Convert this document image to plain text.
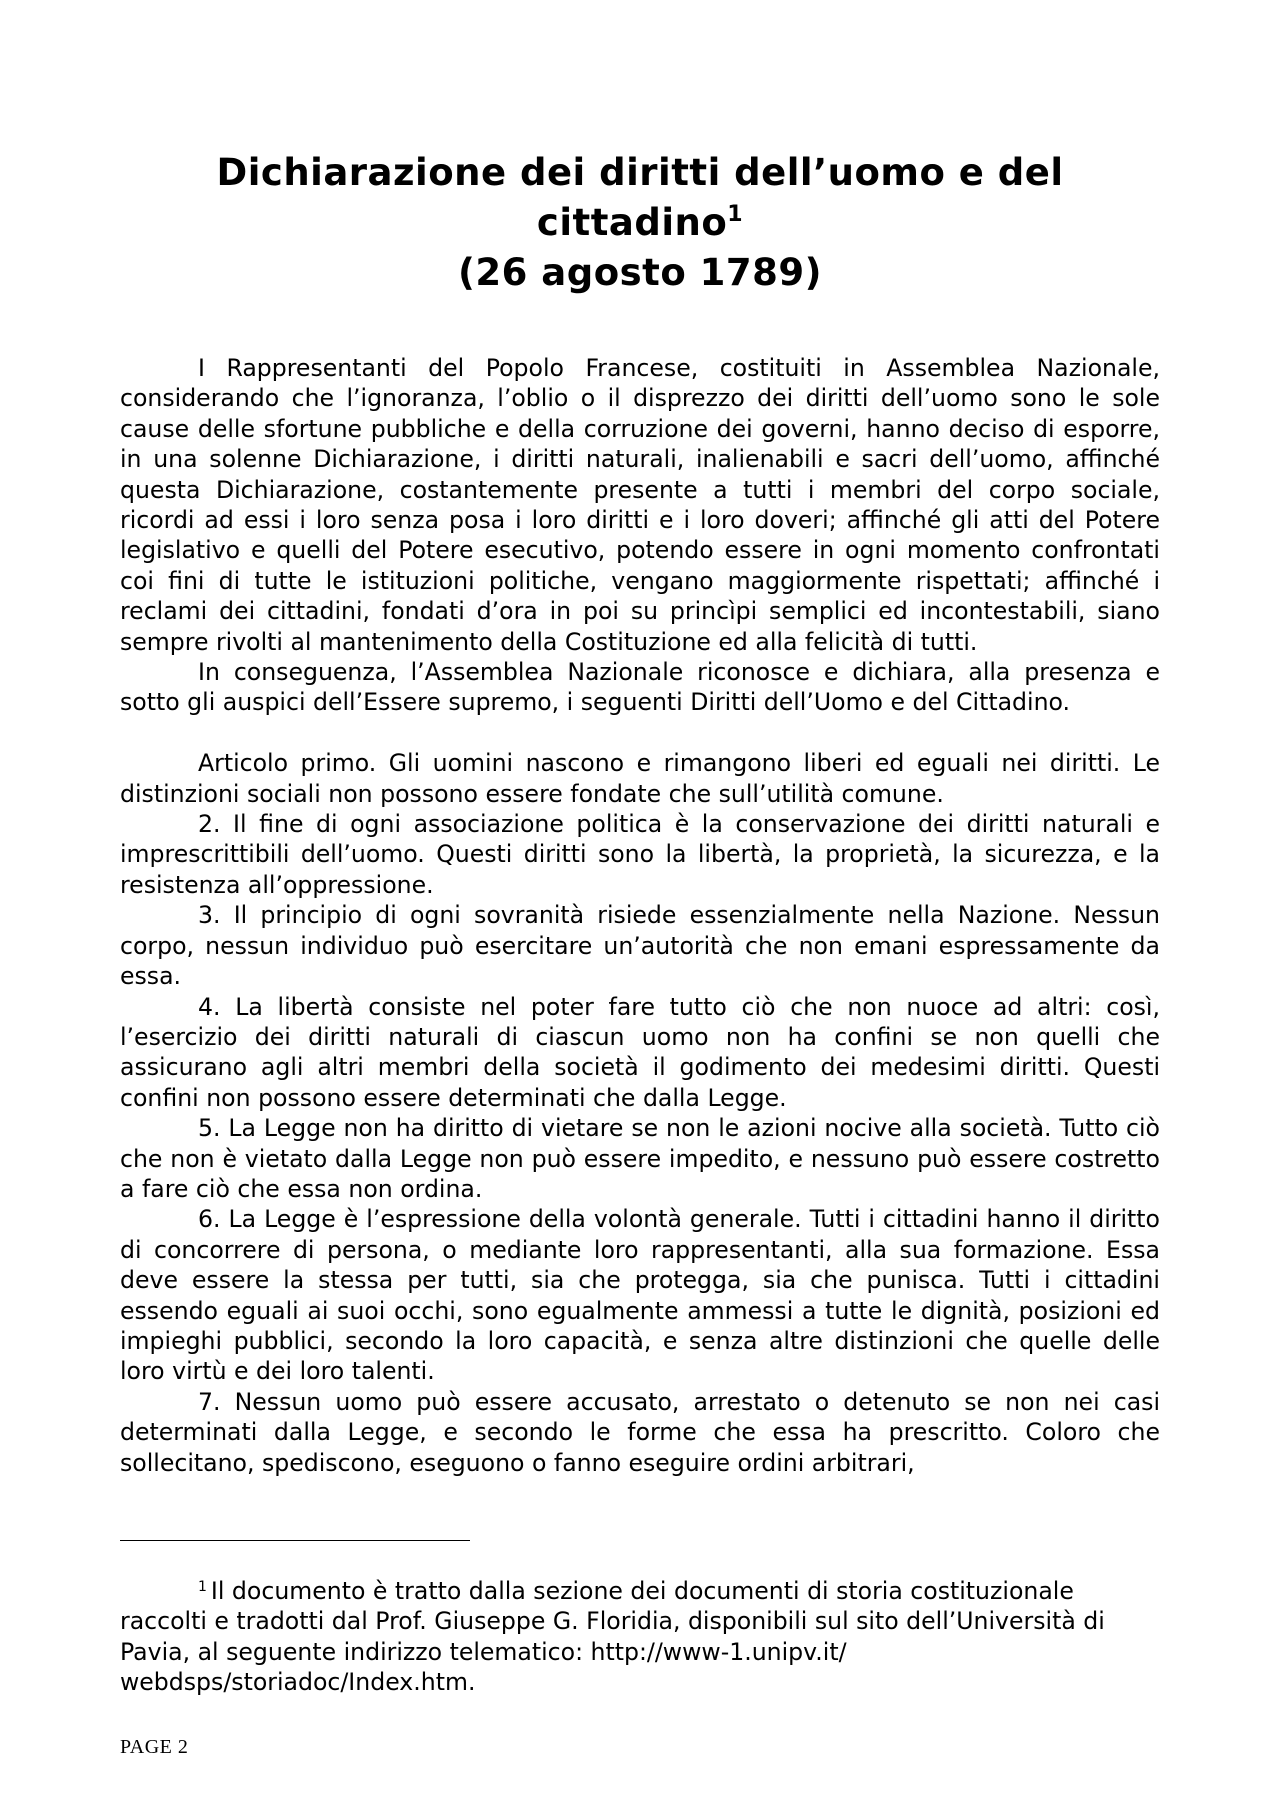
Dichiarazione dei diritti dell’uomo e del
cittadino$^1$
(26 agosto 1789)

I Rappresentanti del Popolo Francese, costituiti in Assemblea Nazionale, considerando che l’ignoranza, l’oblio o il disprezzo dei diritti dell’uomo sono le sole cause delle sfortune pubbliche e della corruzione dei governi, hanno deciso di esporre, in una solenne Dichiarazione, i diritti naturali, inalienabili e sacri dell’uomo, affinché questa Dichiarazione, costantemente presente a tutti i membri del corpo sociale, ricordi ad essi i loro senza posa i loro diritti e i loro doveri; affinché gli atti del Potere legislativo e quelli del Potere esecutivo, potendo essere in ogni momento confrontati coi fini di tutte le istituzioni politiche, vengano maggiormente rispettati; affinché i reclami dei cittadini, fondati d’ora in poi su princìpi semplici ed incontestabili, siano sempre rivolti al mantenimento della Costituzione ed alla felicità di tutti.

In conseguenza, l’Assemblea Nazionale riconosce e dichiara, alla presenza e sotto gli auspici dell’Essere supremo, i seguenti Diritti dell’Uomo e del Cittadino.

Articolo primo. Gli uomini nascono e rimangono liberi ed eguali nei diritti. Le distinzioni sociali non possono essere fondate che sull’utilità comune.

2. Il fine di ogni associazione politica è la conservazione dei diritti naturali e imprescrittibili dell’uomo. Questi diritti sono la libertà, la proprietà, la sicurezza, e la resistenza all’oppressione.

3. Il principio di ogni sovranità risiede essenzialmente nella Nazione. Nessun corpo, nessun individuo può esercitare un’autorità che non emani espressamente da essa.

4. La libertà consiste nel poter fare tutto ciò che non nuoce ad altri: così, l’esercizio dei diritti naturali di ciascun uomo non ha confini se non quelli che assicurano agli altri membri della società il godimento dei medesimi diritti. Questi confini non possono essere determinati che dalla Legge.

5. La Legge non ha diritto di vietare se non le azioni nocive alla società. Tutto ciò che non è vietato dalla Legge non può essere impedito, e nessuno può essere costretto a fare ciò che essa non ordina.

6. La Legge è l’espressione della volontà generale. Tutti i cittadini hanno il diritto di concorrere di persona, o mediante loro rappresentanti, alla sua formazione. Essa deve essere la stessa per tutti, sia che protegga, sia che punisca. Tutti i cittadini essendo eguali ai suoi occhi, sono egualmente ammessi a tutte le dignità, posizioni ed impieghi pubblici, secondo la loro capacità, e senza altre distinzioni che quelle delle loro virtù e dei loro talenti.

7. Nessun uomo può essere accusato, arrestato o detenuto se non nei casi determinati dalla Legge, e secondo le forme che essa ha prescritto. Coloro che sollecitano, spediscono, eseguono o fanno eseguire ordini arbitrari,

$^1$ Il documento è tratto dalla sezione dei documenti di storia costituzionale raccolti e tradotti dal Prof. Giuseppe G. Floridia, disponibili sul sito dell’Università di Pavia, al seguente indirizzo telematico: http://www-1.unipv.it/ webdsps/storiadoc/Index.htm.

PAGE 2
